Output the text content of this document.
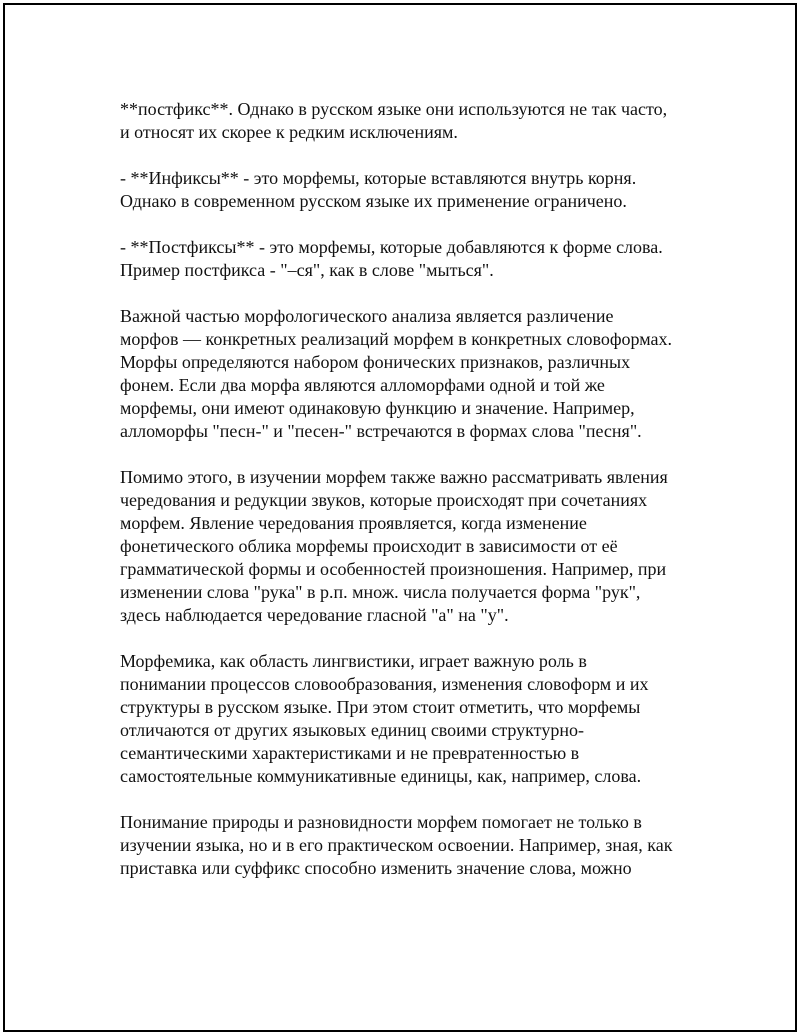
**постфикс**. Однако в русском языке они используются не так часто,
и относят их скорее к редким исключениям.

- **Инфиксы** - это морфемы, которые вставляются внутрь корня.
Однако в современном русском языке их применение ограничено.

- **Постфиксы** - это морфемы, которые добавляются к форме слова.
Пример постфикса - "–ся", как в слове "мыться".

Важной частью морфологического анализа является различение
морфов — конкретных реализаций морфем в конкретных словоформах.
Морфы определяются набором фонических признаков, различных
фонем. Если два морфа являются алломорфами одной и той же
морфемы, они имеют одинаковую функцию и значение. Например,
алломорфы "песн-" и "песен-" встречаются в формах слова "песня".

Помимо этого, в изучении морфем также важно рассматривать явления
чередования и редукции звуков, которые происходят при сочетаниях
морфем. Явление чередования проявляется, когда изменение
фонетического облика морфемы происходит в зависимости от её
грамматической формы и особенностей произношения. Например, при
изменении слова "рука" в р.п. множ. числа получается форма "рук",
здесь наблюдается чередование гласной "а" на "у".

Морфемика, как область лингвистики, играет важную роль в
понимании процессов словообразования, изменения словоформ и их
структуры в русском языке. При этом стоит отметить, что морфемы
отличаются от других языковых единиц своими структурно-
семантическими характеристиками и не превратенностью в
самостоятельные коммуникативные единицы, как, например, слова.

Понимание природы и разновидности морфем помогает не только в
изучении языка, но и в его практическом освоении. Например, зная, как
приставка или суффикс способно изменить значение слова, можно
